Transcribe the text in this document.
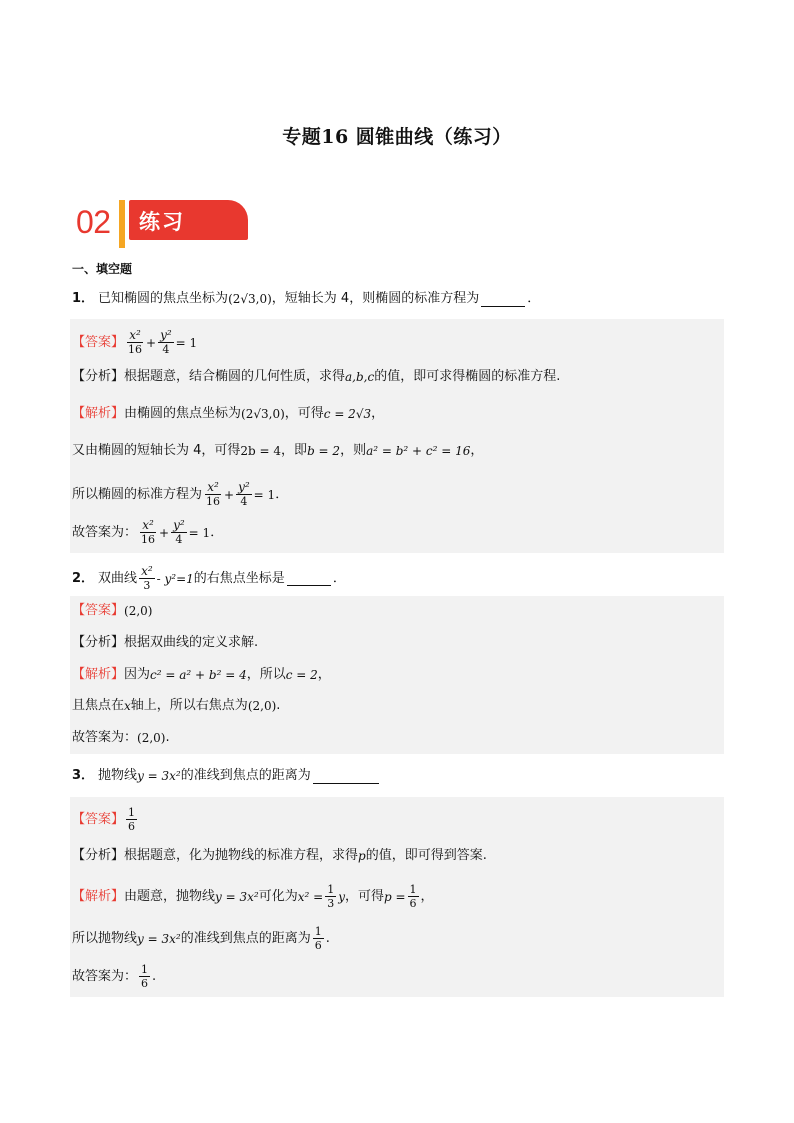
专题16 圆锥曲线（练习）
02 练习
一、填空题
1． 已知椭圆的焦点坐标为 (2√3,0) ，短轴长为 4，则椭圆的标准方程为	．
【答案】 $\frac{\text{x²}}{16} + \frac{\text{y²}}{4} = 1$
【分析】 根据题意，结合椭圆的几何性质，求得 a,b,c 的值，即可求得椭圆的标准方程.
【解析】 由椭圆的焦点坐标为 (2√3,0) ，可得 c = 2√3 ，
又由椭圆的短轴长为 4，可得 2b = 4 ，即 b = 2 ，则 a² = b² + c² = 16 ，
所以椭圆的标准方程为 $\frac{\text{x²}}{16} + \frac{\text{y²}}{4} = 1$ ．
故答案为： $\frac{\text{x²}}{16} + \frac{\text{y²}}{4} = 1$ ．
2． 双曲线 $\frac{\text{x²}}{3} - y^2=1$ 的右焦点坐标是	．
【答案】 (2,0)
【分析】 根据双曲线的定义求解.
【解析】 因为 c² = a² + b² = 4 ，所以 c = 2 ，
且焦点在 x 轴上，所以右焦点为 (2,0) .
故答案为： (2,0) .
3． 抛物线 y = 3x² 的准线到焦点的距离为
【答案】 $\frac{1}{6}$
【分析】 根据题意，化为抛物线的标准方程，求得 p 的值，即可得到答案.
【解析】 由题意，抛物线 y = 3x² 可化为 $x^2 = \frac{1}{3}$ y ，可得 $p = \frac{1}{6}$ ，
所以抛物线 y = 3x² 的准线到焦点的距离为 $\frac{1}{6}$ .
故答案为： $\frac{1}{6}$ .
